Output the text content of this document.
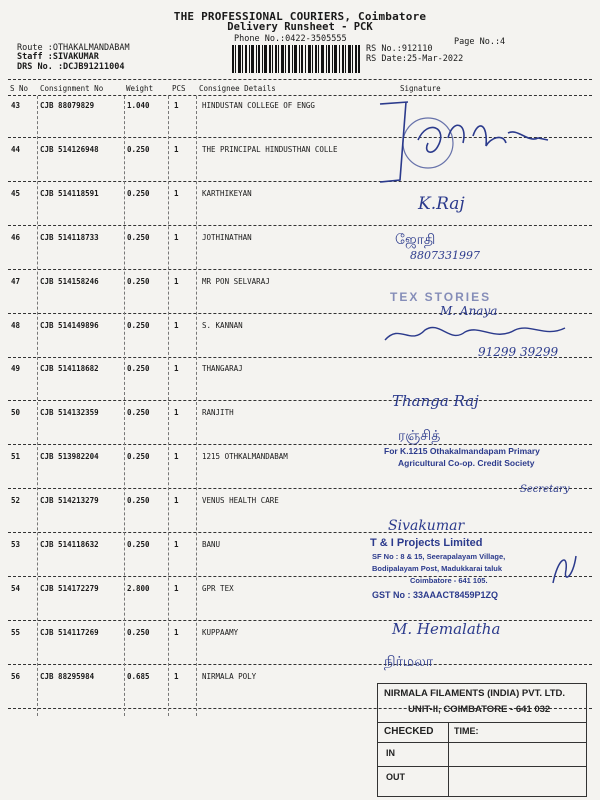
THE PROFESSIONAL COURIERS, Coimbatore
Delivery Runsheet - PCK
Phone No.:0422-3505555	Page No.:4
Route :OTHAKALMANDABAM
Staff :SIVAKUMAR
DRS No. :DCJB91211004
RS No.:912110
RS Date:25-Mar-2022
S No Consignment No	Weight	PCS Consignee Details	Signature
43	CJB 88079829	1.040	1	HINDUSTAN COLLEGE OF ENGG
44	CJB 514126948	0.250	1	THE PRINCIPAL HINDUSTHAN COLLE
45	CJB 514118591	0.250	1	KARTHIKEYAN
46	CJB 514118733	0.250	1	JOTHINATHAN
47	CJB 514158246	0.250	1	MR PON SELVARAJ
48	CJB 514149896	0.250	1	S. KANNAN
49	CJB 514118682	0.250	1	THANGARAJ
50	CJB 514132359	0.250	1	RANJITH
51	CJB 513982204	0.250	1	1215 OTHKALMANDABAM
52	CJB 514213279	0.250	1	VENUS HEALTH CARE
53	CJB 514118632	0.250	1	BANU
54	CJB 514172279	2.800	1	GPR TEX
55	CJB 514117269	0.250	1	KUPPAAMY
56	CJB 88295984	0.685	1	NIRMALA POLY
K.Raj
ஜோதி
8807331997
TEX STORIES
M. Anaya
91299 39299
Thanga Raj
ரஞ்சித்
For K.1215 Othakalmandapam Primary
Agricultural Co-op. Credit Society
Secretary
Sivakumar
T & I Projects Limited
SF No : 8 & 15, Seerapalayam Village,
Bodipalayam Post, Madukkarai taluk
Coimbatore - 641 105.
GST No : 33AAACT8459P1ZQ
M. Hemalatha
நிர்மலா
NIRMALA FILAMENTS (INDIA) PVT. LTD.
UNIT-II, COIMBATORE - 641 032
CHECKED TIME:
IN
OUT
